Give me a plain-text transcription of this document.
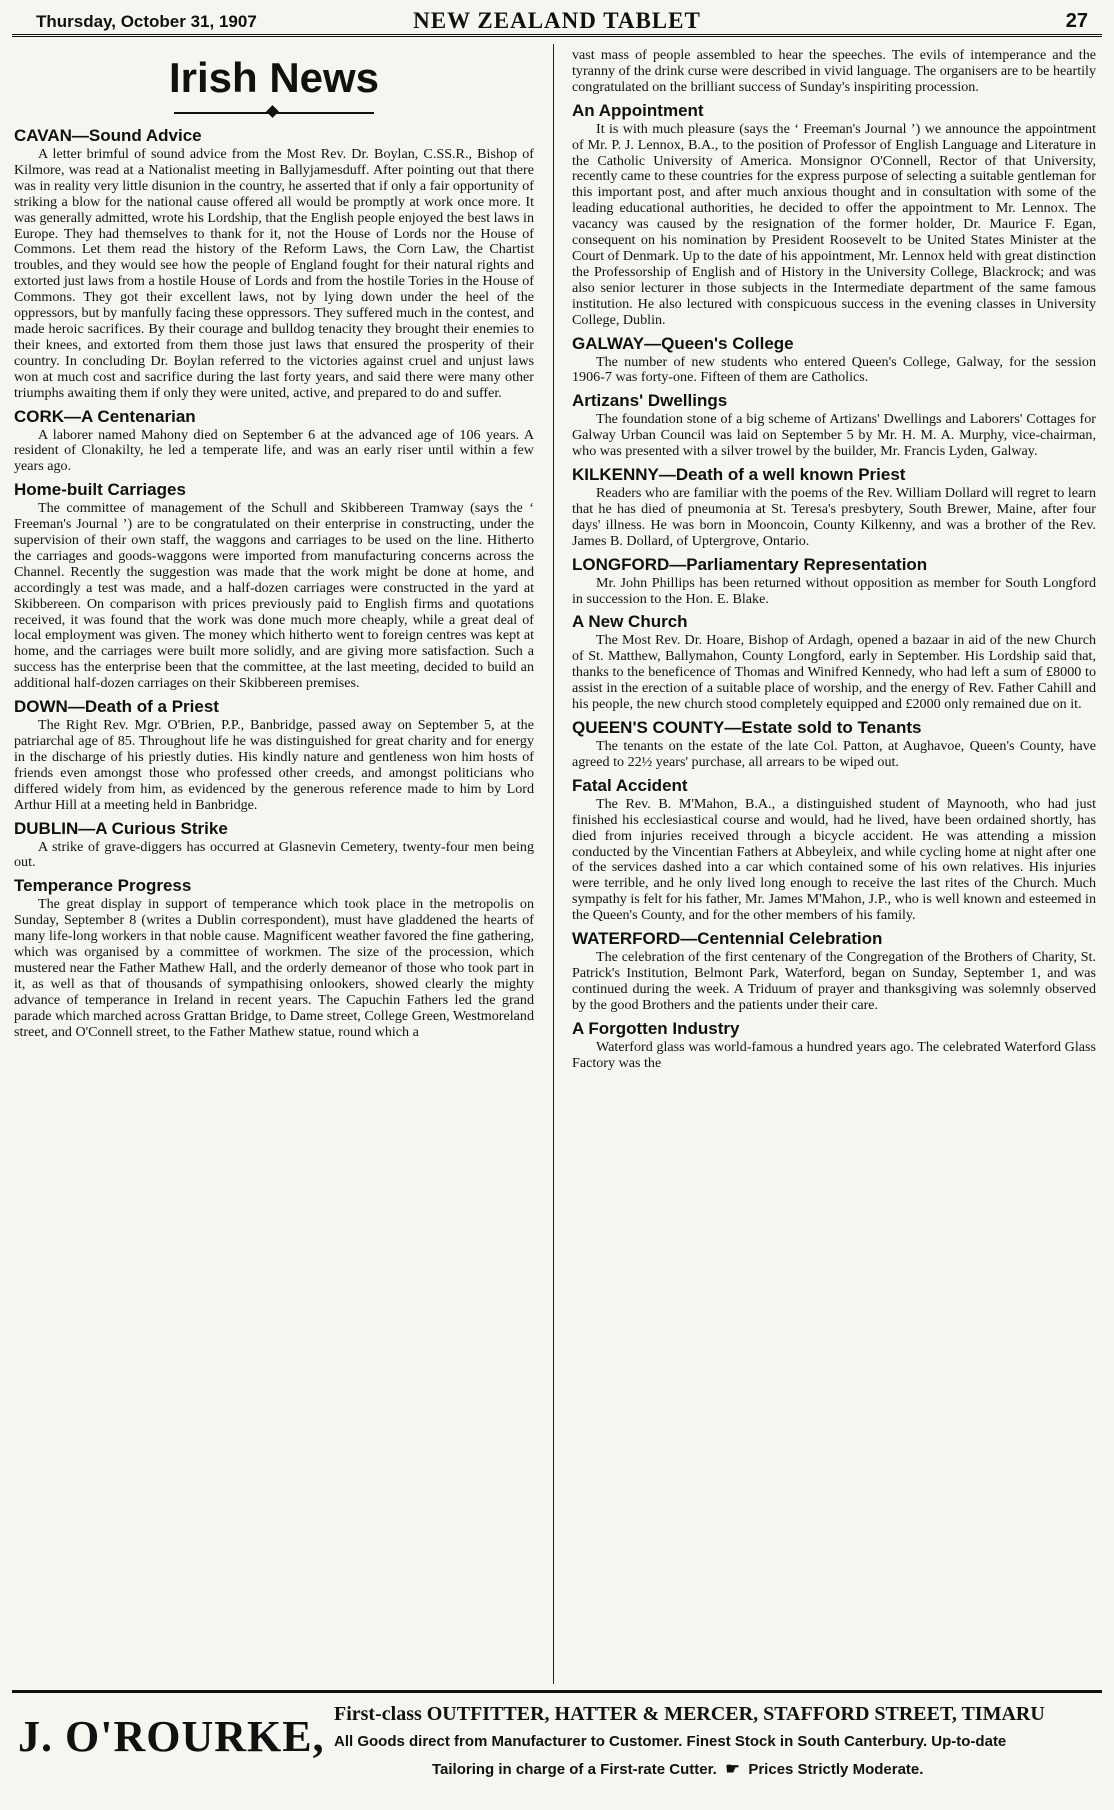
Thursday, October 31, 1907	NEW ZEALAND TABLET	27
Irish News
CAVAN—Sound Advice

A letter brimful of sound advice from the Most Rev. Dr. Boylan, C.SS.R., Bishop of Kilmore, was read at a Nationalist meeting in Ballyjamesduff. After pointing out that there was in reality very little disunion in the country, he asserted that if only a fair opportunity of striking a blow for the national cause offered all would be promptly at work once more. It was generally admitted, wrote his Lordship, that the English people enjoyed the best laws in Europe. They had themselves to thank for it, not the House of Lords nor the House of Commons. Let them read the history of the Reform Laws, the Corn Law, the Chartist troubles, and they would see how the people of England fought for their natural rights and extorted just laws from a hostile House of Lords and from the hostile Tories in the House of Commons. They got their excellent laws, not by lying down under the heel of the oppressors, but by manfully facing these oppressors. They suffered much in the contest, and made heroic sacrifices. By their courage and bulldog tenacity they brought their enemies to their knees, and extorted from them those just laws that ensured the prosperity of their country. In concluding Dr. Boylan referred to the victories against cruel and unjust laws won at much cost and sacrifice during the last forty years, and said there were many other triumphs awaiting them if only they were united, active, and prepared to do and suffer.

CORK—A Centenarian

A laborer named Mahony died on September 6 at the advanced age of 106 years. A resident of Clonakilty, he led a temperate life, and was an early riser until within a few years ago.

Home-built Carriages

The committee of management of the Schull and Skibbereen Tramway (says the ‘ Freeman's Journal ’) are to be congratulated on their enterprise in constructing, under the supervision of their own staff, the waggons and carriages to be used on the line. Hitherto the carriages and goods-waggons were imported from manufacturing concerns across the Channel. Recently the suggestion was made that the work might be done at home, and accordingly a test was made, and a half-dozen carriages were constructed in the yard at Skibbereen. On comparison with prices previously paid to English firms and quotations received, it was found that the work was done much more cheaply, while a great deal of local employment was given. The money which hitherto went to foreign centres was kept at home, and the carriages were built more solidly, and are giving more satisfaction. Such a success has the enterprise been that the committee, at the last meeting, decided to build an additional half-dozen carriages on their Skibbereen premises.

DOWN—Death of a Priest

The Right Rev. Mgr. O'Brien, P.P., Banbridge, passed away on September 5, at the patriarchal age of 85. Throughout life he was distinguished for great charity and for energy in the discharge of his priestly duties. His kindly nature and gentleness won him hosts of friends even amongst those who professed other creeds, and amongst politicians who differed widely from him, as evidenced by the generous reference made to him by Lord Arthur Hill at a meeting held in Banbridge.

DUBLIN—A Curious Strike

A strike of grave-diggers has occurred at Glasnevin Cemetery, twenty-four men being out.

Temperance Progress

The great display in support of temperance which took place in the metropolis on Sunday, September 8 (writes a Dublin correspondent), must have gladdened the hearts of many life-long workers in that noble cause. Magnificent weather favored the fine gathering, which was organised by a committee of workmen. The size of the procession, which mustered near the Father Mathew Hall, and the orderly demeanor of those who took part in it, as well as that of thousands of sympathising onlookers, showed clearly the mighty advance of temperance in Ireland in recent years. The Capuchin Fathers led the grand parade which marched across Grattan Bridge, to Dame street, College Green, Westmoreland street, and O'Connell street, to the Father Mathew statue, round which a

vast mass of people assembled to hear the speeches. The evils of intemperance and the tyranny of the drink curse were described in vivid language. The organisers are to be heartily congratulated on the brilliant success of Sunday's inspiriting procession.

An Appointment

It is with much pleasure (says the ‘ Freeman's Journal ’) we announce the appointment of Mr. P. J. Lennox, B.A., to the position of Professor of English Language and Literature in the Catholic University of America. Monsignor O'Connell, Rector of that University, recently came to these countries for the express purpose of selecting a suitable gentleman for this important post, and after much anxious thought and in consultation with some of the leading educational authorities, he decided to offer the appointment to Mr. Lennox. The vacancy was caused by the resignation of the former holder, Dr. Maurice F. Egan, consequent on his nomination by President Roosevelt to be United States Minister at the Court of Denmark. Up to the date of his appointment, Mr. Lennox held with great distinction the Professorship of English and of History in the University College, Blackrock; and was also senior lecturer in those subjects in the Intermediate department of the same famous institution. He also lectured with conspicuous success in the evening classes in University College, Dublin.

GALWAY—Queen's College

The number of new students who entered Queen's College, Galway, for the session 1906-7 was forty-one. Fifteen of them are Catholics.

Artizans' Dwellings

The foundation stone of a big scheme of Artizans' Dwellings and Laborers' Cottages for Galway Urban Council was laid on September 5 by Mr. H. M. A. Murphy, vice-chairman, who was presented with a silver trowel by the builder, Mr. Francis Lyden, Galway.

KILKENNY—Death of a well known Priest

Readers who are familiar with the poems of the Rev. William Dollard will regret to learn that he has died of pneumonia at St. Teresa's presbytery, South Brewer, Maine, after four days' illness. He was born in Mooncoin, County Kilkenny, and was a brother of the Rev. James B. Dollard, of Uptergrove, Ontario.

LONGFORD—Parliamentary Representation

Mr. John Phillips has been returned without opposition as member for South Longford in succession to the Hon. E. Blake.

A New Church

The Most Rev. Dr. Hoare, Bishop of Ardagh, opened a bazaar in aid of the new Church of St. Matthew, Ballymahon, County Longford, early in September. His Lordship said that, thanks to the beneficence of Thomas and Winifred Kennedy, who had left a sum of £8000 to assist in the erection of a suitable place of worship, and the energy of Rev. Father Cahill and his people, the new church stood completely equipped and £2000 only remained due on it.

QUEEN'S COUNTY—Estate sold to Tenants

The tenants on the estate of the late Col. Patton, at Aughavoe, Queen's County, have agreed to 22½ years' purchase, all arrears to be wiped out.

Fatal Accident

The Rev. B. M'Mahon, B.A., a distinguished student of Maynooth, who had just finished his ecclesiastical course and would, had he lived, have been ordained shortly, has died from injuries received through a bicycle accident. He was attending a mission conducted by the Vincentian Fathers at Abbeyleix, and while cycling home at night after one of the services dashed into a car which contained some of his own relatives. His injuries were terrible, and he only lived long enough to receive the last rites of the Church. Much sympathy is felt for his father, Mr. James M'Mahon, J.P., who is well known and esteemed in the Queen's County, and for the other members of his family.

WATERFORD—Centennial Celebration

The celebration of the first centenary of the Congregation of the Brothers of Charity, St. Patrick's Institution, Belmont Park, Waterford, began on Sunday, September 1, and was continued during the week. A Triduum of prayer and thanksgiving was solemnly observed by the good Brothers and the patients under their care.

A Forgotten Industry

Waterford glass was world-famous a hundred years ago. The celebrated Waterford Glass Factory was the

J. O'ROURKE, First-class OUTFITTER, HATTER & MERCER, STAFFORD STREET, TIMARU
All Goods direct from Manufacturer to Customer. Finest Stock in South Canterbury. Up-to-date
Tailoring in charge of a First-rate Cutter.  ☛  Prices Strictly Moderate.
